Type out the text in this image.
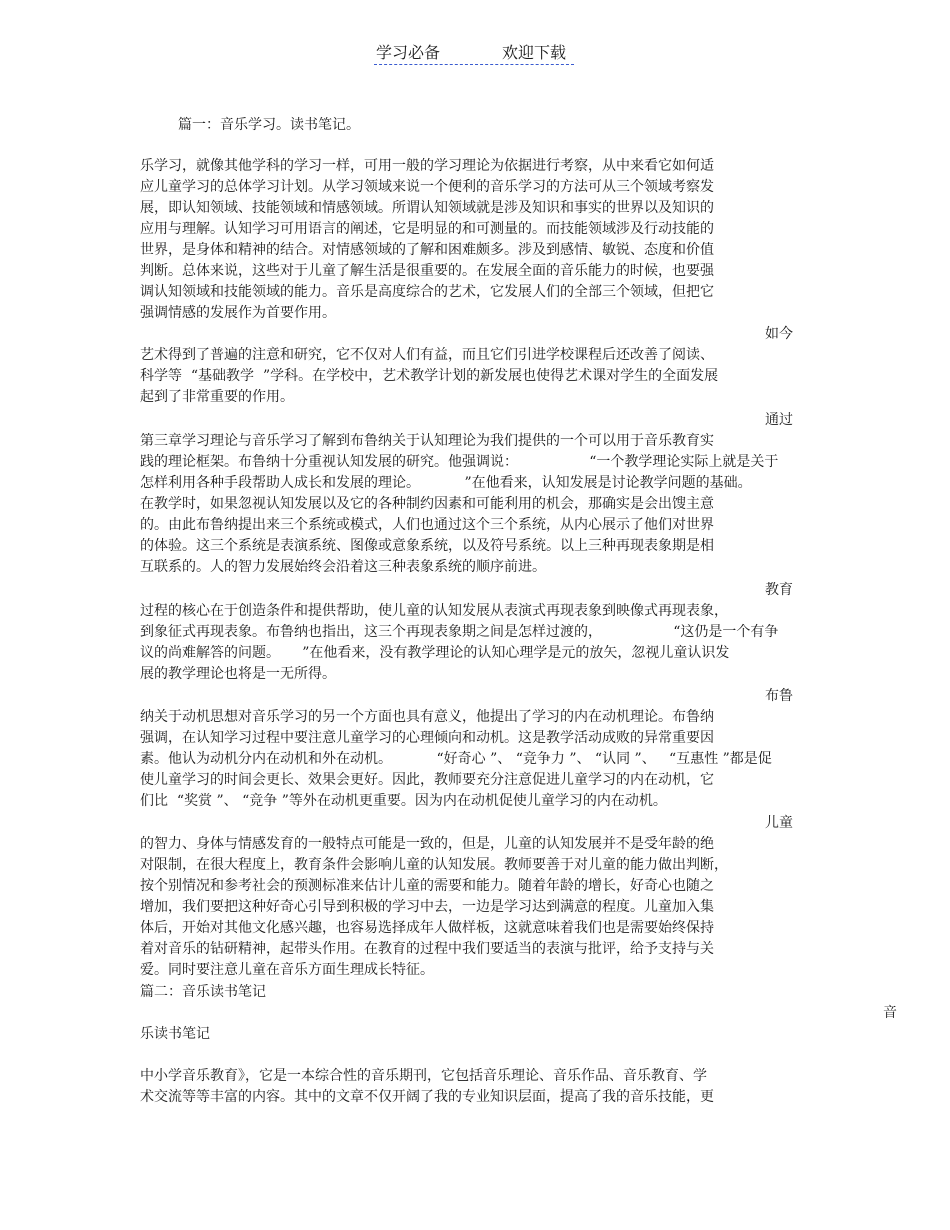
学习必备	欢迎下载
篇一：音乐学习。读书笔记。
乐学习，就像其他学科的学习一样，可用一般的学习理论为依据进行考察，从中来看它如何适
应儿童学习的总体学习计划。从学习领域来说一个便利的音乐学习的方法可从三个领域考察发
展，即认知领域、技能领域和情感领域。所谓认知领域就是涉及知识和事实的世界以及知识的
应用与理解。认知学习可用语言的阐述，它是明显的和可测量的。而技能领域涉及行动技能的
世界，是身体和精神的结合。对情感领域的了解和困难颇多。涉及到感情、敏锐、态度和价值
判断。总体来说，这些对于儿童了解生活是很重要的。在发展全面的音乐能力的时候，也要强
调认知领域和技能领域的能力。音乐是高度综合的艺术，它发展人们的全部三个领域，但把它
强调情感的发展作为首要作用。
如今
艺术得到了普遍的注意和研究，它不仅对人们有益，而且它们引进学校课程后还改善了阅读、
科学等  “基础教学  ”学科。在学校中，艺术教学计划的新发展也使得艺术课对学生的全面发展
起到了非常重要的作用。
通过
第三章学习理论与音乐学习了解到布鲁纳关于认知理论为我们提供的一个可以用于音乐教育实
践的理论框架。布鲁纳十分重视认知发展的研究。他强调说：                “一个教学理论实际上就是关于
怎样利用各种手段帮助人成长和发展的理论。          ”在他看来，认知发展是讨论教学问题的基础。
在教学时，如果忽视认知发展以及它的各种制约因素和可能利用的机会，那确实是会出馊主意
的。由此布鲁纳提出来三个系统或模式，人们也通过这个三个系统，从内心展示了他们对世界
的体验。这三个系统是表演系统、图像或意象系统，以及符号系统。以上三种再现表象期是相
互联系的。人的智力发展始终会沿着这三种表象系统的顺序前进。
教育
过程的核心在于创造条件和提供帮助，使儿童的认知发展从表演式再现表象到映像式再现表象，
到象征式再现表象。布鲁纳也指出，这三个再现表象期之间是怎样过渡的，                “这仍是一个有争
议的尚难解答的问题。     ”在他看来，没有教学理论的认知心理学是元的放矢，忽视儿童认识发
展的教学理论也将是一无所得。
布鲁
纳关于动机思想对音乐学习的另一个方面也具有意义，他提出了学习的内在动机理论。布鲁纳
强调，在认知学习过程中要注意儿童学习的心理倾向和动机。这是教学活动成败的异常重要因
素。他认为动机分内在动机和外在动机。          “好奇心 ”、 “竞争力 ”、 “认同 ”、   “互惠性 ”都是促
使儿童学习的时间会更长、效果会更好。因此，教师要充分注意促进儿童学习的内在动机，它
们比  “奖赏 ”、 “竞争 ”等外在动机更重要。因为内在动机促使儿童学习的内在动机。
儿童
的智力、身体与情感发育的一般特点可能是一致的，但是，儿童的认知发展并不是受年龄的绝
对限制，在很大程度上，教育条件会影响儿童的认知发展。教师要善于对儿童的能力做出判断，
按个别情况和参考社会的预测标准来估计儿童的需要和能力。随着年龄的增长，好奇心也随之
增加，我们要把这种好奇心引导到积极的学习中去，一边是学习达到满意的程度。儿童加入集
体后，开始对其他文化感兴趣，也容易选择成年人做样板，这就意味着我们也是需要始终保持
着对音乐的钻研精神，起带头作用。在教育的过程中我们要适当的表演与批评，给予支持与关
爱。同时要注意儿童在音乐方面生理成长特征。
篇二：音乐读书笔记
音
乐读书笔记
中小学音乐教育》，它是一本综合性的音乐期刊，它包括音乐理论、音乐作品、音乐教育、学
术交流等等丰富的内容。其中的文章不仅开阔了我的专业知识层面，提高了我的音乐技能，更
